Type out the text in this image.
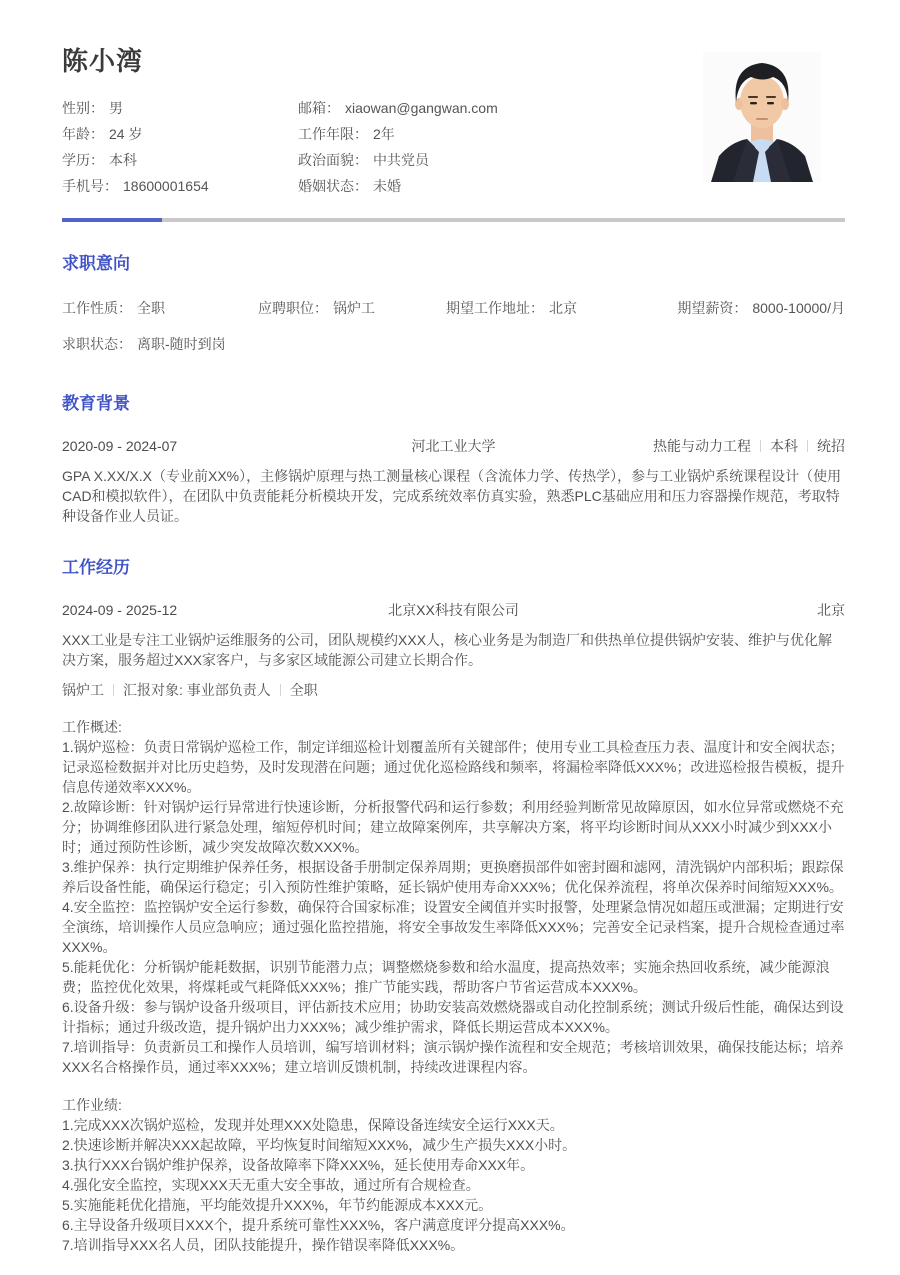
陈小湾
性别： 男
年龄： 24 岁
学历： 本科
手机号： 18600001654
邮箱： xiaowan@gangwan.com
工作年限： 2年
政治面貌： 中共党员
婚姻状态： 未婚
求职意向
工作性质： 全职	应聘职位： 锅炉工	期望工作地址： 北京	期望薪资： 8000-10000/月
求职状态： 离职-随时到岗
教育背景
2020-09 - 2024-07	河北工业大学	热能与动力工程 本科 统招

GPA X.XX/X.X（专业前XX%），主修锅炉原理与热工测量核心课程（含流体力学、传热学），参与工业锅炉系统课程设计（使用CAD和模拟软件），在团队中负责能耗分析模块开发，完成系统效率仿真实验，熟悉PLC基础应用和压力容器操作规范，考取特种设备作业人员证。

工作经历
2024-09 - 2025-12	北京XX科技有限公司	北京

XXX工业是专注工业锅炉运维服务的公司，团队规模约XXX人，核心业务是为制造厂和供热单位提供锅炉安装、维护与优化解决方案，服务超过XXX家客户，与多家区域能源公司建立长期合作。

锅炉工 汇报对象: 事业部负责人 全职
工作概述:
1.锅炉巡检：负责日常锅炉巡检工作，制定详细巡检计划覆盖所有关键部件；使用专业工具检查压力表、温度计和安全阀状态；记录巡检数据并对比历史趋势，及时发现潜在问题；通过优化巡检路线和频率，将漏检率降低XXX%；改进巡检报告模板，提升信息传递效率XXX%。
2.故障诊断：针对锅炉运行异常进行快速诊断，分析报警代码和运行参数；利用经验判断常见故障原因，如水位异常或燃烧不充分；协调维修团队进行紧急处理，缩短停机时间；建立故障案例库，共享解决方案，将平均诊断时间从XXX小时减少到XXX小时；通过预防性诊断，减少突发故障次数XXX%。
3.维护保养：执行定期维护保养任务，根据设备手册制定保养周期；更换磨损部件如密封圈和滤网，清洗锅炉内部积垢；跟踪保养后设备性能，确保运行稳定；引入预防性维护策略，延长锅炉使用寿命XXX%；优化保养流程，将单次保养时间缩短XXX%。
4.安全监控：监控锅炉安全运行参数，确保符合国家标准；设置安全阈值并实时报警，处理紧急情况如超压或泄漏；定期进行安全演练，培训操作人员应急响应；通过强化监控措施，将安全事故发生率降低XXX%；完善安全记录档案，提升合规检查通过率XXX%。
5.能耗优化：分析锅炉能耗数据，识别节能潜力点；调整燃烧参数和给水温度，提高热效率；实施余热回收系统，减少能源浪费；监控优化效果，将煤耗或气耗降低XXX%；推广节能实践，帮助客户节省运营成本XXX%。
6.设备升级：参与锅炉设备升级项目，评估新技术应用；协助安装高效燃烧器或自动化控制系统；测试升级后性能，确保达到设计指标；通过升级改造，提升锅炉出力XXX%；减少维护需求，降低长期运营成本XXX%。
7.培训指导：负责新员工和操作人员培训，编写培训材料；演示锅炉操作流程和安全规范；考核培训效果，确保技能达标；培养XXX名合格操作员，通过率XXX%；建立培训反馈机制，持续改进课程内容。
工作业绩:
1.完成XXX次锅炉巡检，发现并处理XXX处隐患，保障设备连续安全运行XXX天。
2.快速诊断并解决XXX起故障，平均恢复时间缩短XXX%，减少生产损失XXX小时。
3.执行XXX台锅炉维护保养，设备故障率下降XXX%，延长使用寿命XXX年。
4.强化安全监控，实现XXX天无重大安全事故，通过所有合规检查。
5.实施能耗优化措施，平均能效提升XXX%，年节约能源成本XXX元。
6.主导设备升级项目XXX个，提升系统可靠性XXX%，客户满意度评分提高XXX%。
7.培训指导XXX名人员，团队技能提升，操作错误率降低XXX%。
